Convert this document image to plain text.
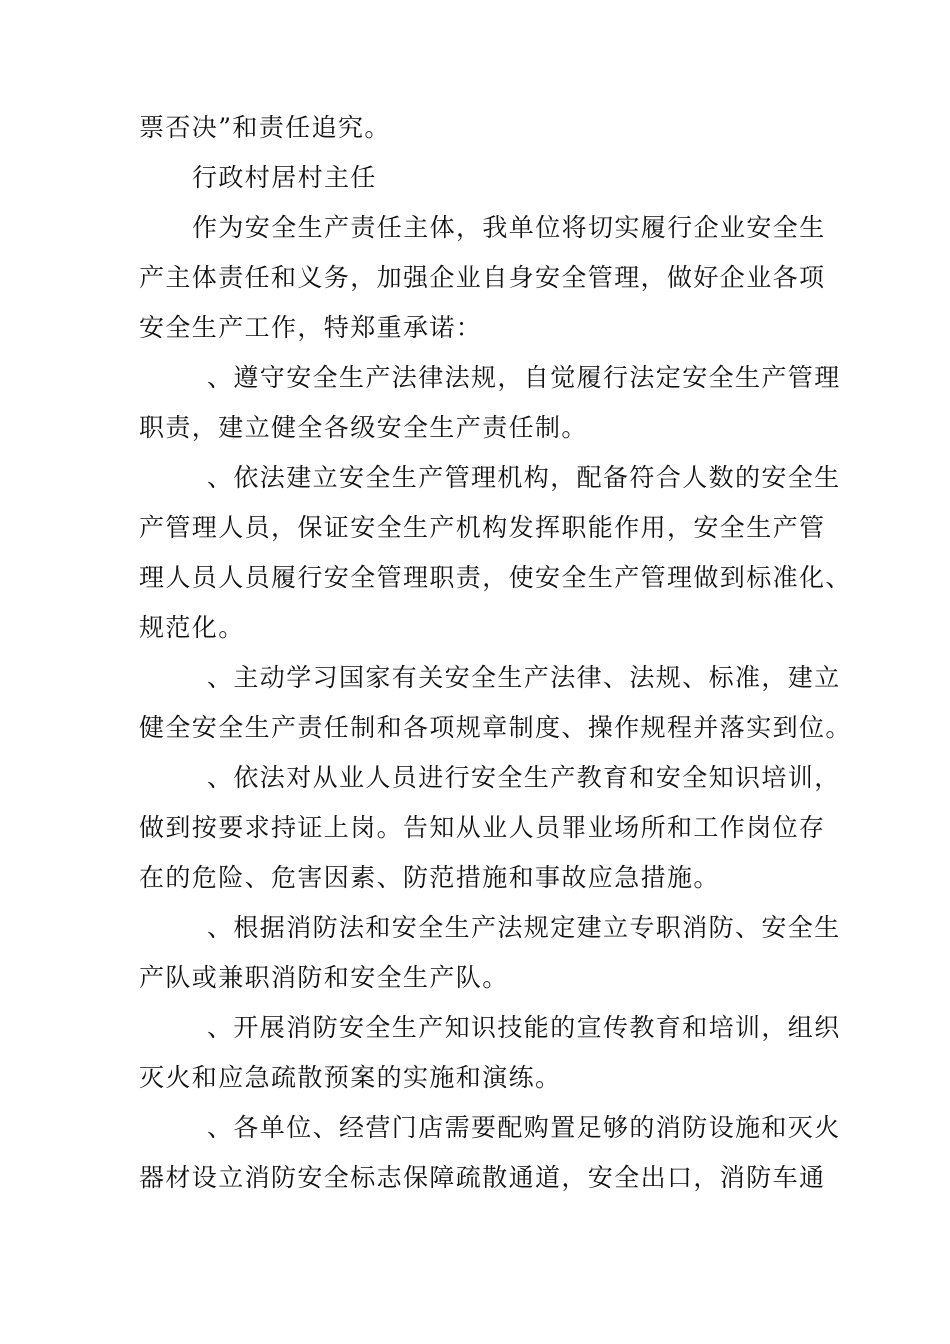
票否决”和责任追究。
行政村居村主任
作为安全生产责任主体，我单位将切实履行企业安全生
产主体责任和义务，加强企业自身安全管理，做好企业各项
安全生产工作，特郑重承诺：
、遵守安全生产法律法规，自觉履行法定安全生产管理
职责，建立健全各级安全生产责任制。
、依法建立安全生产管理机构，配备符合人数的安全生
产管理人员，保证安全生产机构发挥职能作用，安全生产管
理人员人员履行安全管理职责，使安全生产管理做到标准化、
规范化。
、主动学习国家有关安全生产法律、法规、标准，建立
健全安全生产责任制和各项规章制度、操作规程并落实到位。
、依法对从业人员进行安全生产教育和安全知识培训，
做到按要求持证上岗。告知从业人员罪业场所和工作岗位存
在的危险、危害因素、防范措施和事故应急措施。
、根据消防法和安全生产法规定建立专职消防、安全生
产队或兼职消防和安全生产队。
、开展消防安全生产知识技能的宣传教育和培训，组织
灭火和应急疏散预案的实施和演练。
、各单位、经营门店需要配购置足够的消防设施和灭火
器材设立消防安全标志保障疏散通道，安全出口，消防车通
